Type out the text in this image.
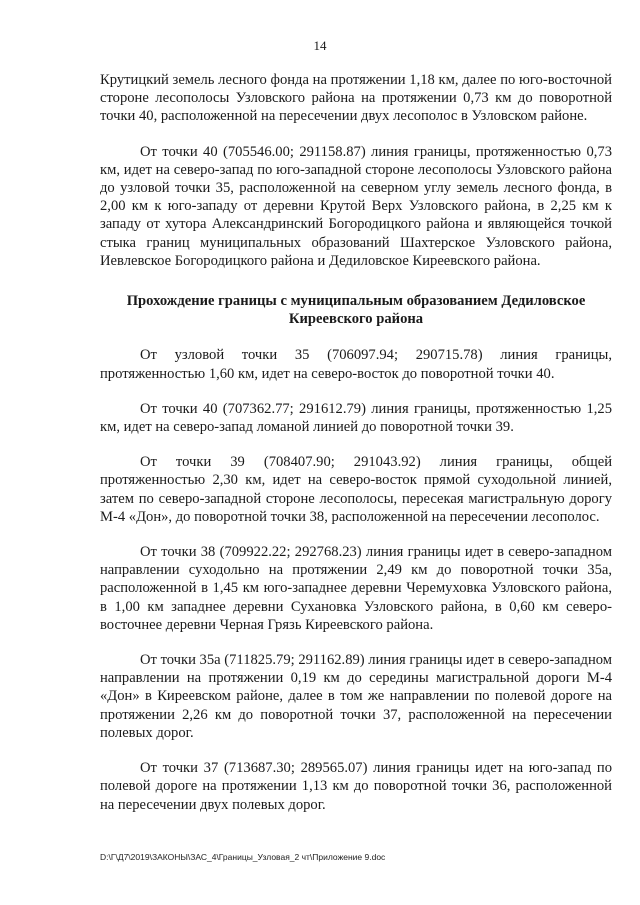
14

Крутицкий земель лесного фонда на протяжении 1,18 км, далее по юго-восточной стороне лесополосы Узловского района на протяжении 0,73 км до поворотной точки 40, расположенной на пересечении двух лесополос в Узловском районе.

От точки 40 (705546.00; 291158.87) линия границы, протяженностью 0,73 км, идет на северо-запад по юго-западной стороне лесополосы Узловского района до узловой точки 35, расположенной на северном углу земель лесного фонда, в 2,00 км к юго-западу от деревни Крутой Верх Узловского района, в 2,25 км к западу от хутора Александринский Богородицкого района и являющейся точкой стыка границ муниципальных образований Шахтерское Узловского района, Иевлевское Богородицкого района и Дедиловское Киреевского района.

Прохождение границы с муниципальным образованием Дедиловское Киреевского района

От узловой точки 35 (706097.94; 290715.78) линия границы, протяженностью 1,60 км, идет на северо-восток до поворотной точки 40.

От точки 40 (707362.77; 291612.79) линия границы, протяженностью 1,25 км, идет на северо-запад ломаной линией до поворотной точки 39.

От точки 39 (708407.90; 291043.92) линия границы, общей протяженностью 2,30 км, идет на северо-восток прямой суходольной линией, затем по северо-западной стороне лесополосы, пересекая магистральную дорогу М-4 «Дон», до поворотной точки 38, расположенной на пересечении лесополос.

От точки 38 (709922.22; 292768.23) линия границы идет в северо-западном направлении суходольно на протяжении 2,49 км до поворотной точки 35а, расположенной в 1,45 км юго-западнее деревни Черемуховка Узловского района, в 1,00 км западнее деревни Сухановка Узловского района, в 0,60 км северо-восточнее деревни Черная Грязь Киреевского района.

От точки 35а (711825.79; 291162.89) линия границы идет в северо-западном направлении на протяжении 0,19 км до середины магистральной дороги М-4 «Дон» в Киреевском районе, далее в том же направлении по полевой дороге на протяжении 2,26 км до поворотной точки 37, расположенной на пересечении полевых дорог.

От точки 37 (713687.30; 289565.07) линия границы идет на юго-запад по полевой дороге на протяжении 1,13 км до поворотной точки 36, расположенной на пересечении двух полевых дорог.

D:\Г\Д7\2019\ЗАКОНЫ\ЗАС_4\Границы_Узловая_2 чт\Приложение 9.doc
